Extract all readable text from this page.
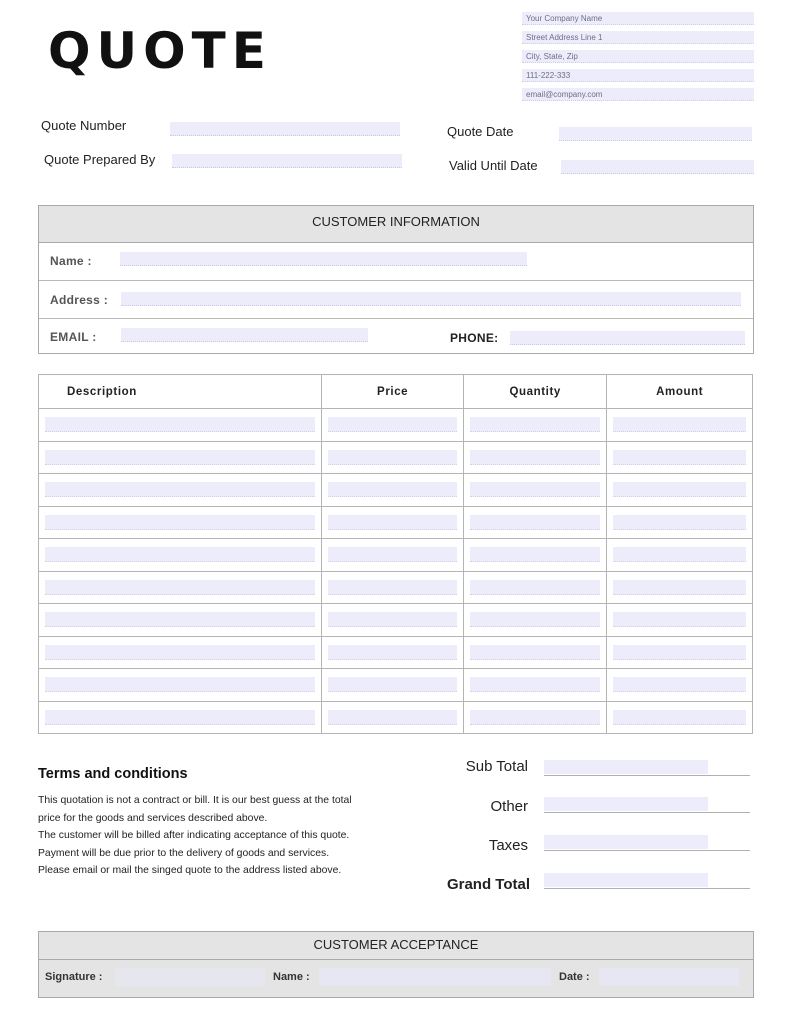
QUOTE
Your Company Name
Street Address Line 1
City, State, Zip
111-222-333
email@company.com
Quote Number
Quote Prepared By
Quote Date
Valid Until Date
CUSTOMER INFORMATION
Name :
Address :
EMAIL :	PHONE:
Description	Price	Quantity	Amount

Terms and conditions
This quotation is not a contract or bill. It is our best guess at the total
price for the goods and services described above.
The customer will be billed after indicating acceptance of this quote.
Payment will be due prior to the delivery of goods and services.
Please email or mail the singed quote to the address listed above.
Sub Total
Other
Taxes
Grand Total
CUSTOMER ACCEPTANCE
Signature :	Name :	Date :
